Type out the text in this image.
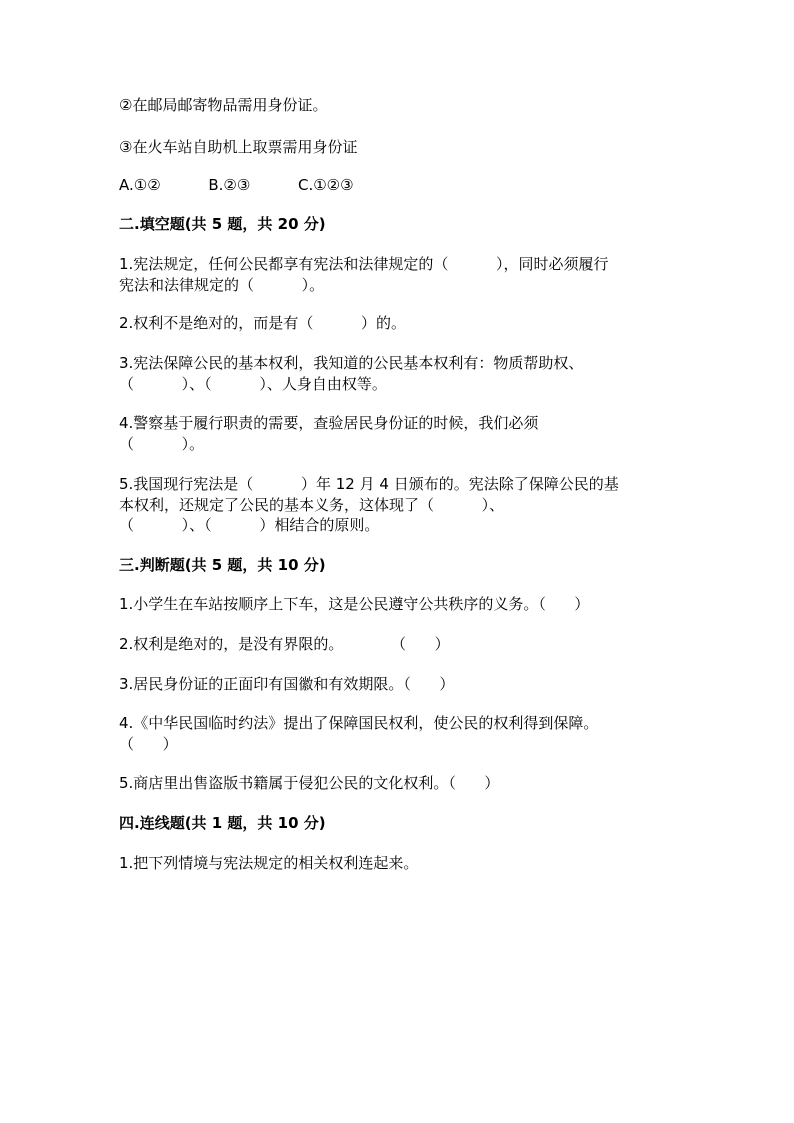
②在邮局邮寄物品需用身份证。
③在火车站自助机上取票需用身份证
A.①②          B.②③          C.①②③
二.填空题(共 5 题，共 20 分)
1.宪法规定，任何公民都享有宪法和法律规定的（          ），同时必须履行
宪法和法律规定的（          ）。
2.权利不是绝对的，而是有（          ）的。
3.宪法保障公民的基本权利，我知道的公民基本权利有：物质帮助权、
（          ）、（          ）、人身自由权等。
4.警察基于履行职责的需要，查验居民身份证的时候，我们必须
（          ）。
5.我国现行宪法是（          ）年 12 月 4 日颁布的。宪法除了保障公民的基
本权利，还规定了公民的基本义务，这体现了（          ）、
（          ）、（          ）相结合的原则。
三.判断题(共 5 题，共 10 分)
1.小学生在车站按顺序上下车，这是公民遵守公共秩序的义务。（      ）
2.权利是绝对的，是没有界限的。          （      ）
3.居民身份证的正面印有国徽和有效期限。（      ）
4.《中华民国临时约法》提出了保障国民权利，使公民的权利得到保障。
（      ）
5.商店里出售盗版书籍属于侵犯公民的文化权利。（      ）
四.连线题(共 1 题，共 10 分)
1.把下列情境与宪法规定的相关权利连起来。
